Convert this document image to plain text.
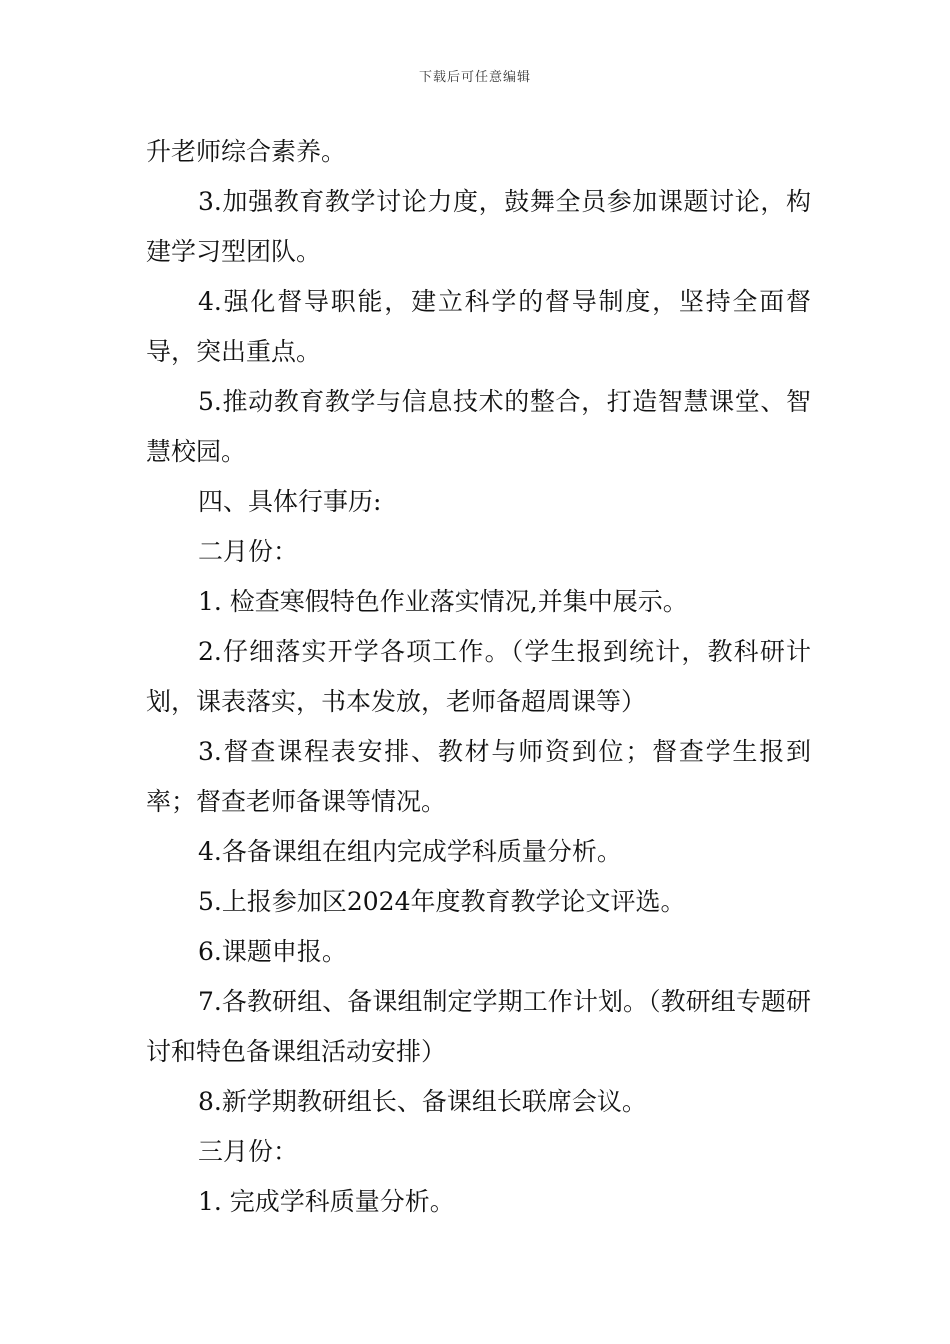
下载后可任意编辑

升老师综合素养。

3.加强教育教学讨论力度，鼓舞全员参加课题讨论，构建学习型团队。

4.强化督导职能，建立科学的督导制度，坚持全面督导，突出重点。

5.推动教育教学与信息技术的整合，打造智慧课堂、智慧校园。

四、具体行事历:

二月份：

1. 检查寒假特色作业落实情况,并集中展示。

2.仔细落实开学各项工作。（学生报到统计，教科研计划，课表落实，书本发放，老师备超周课等）

3.督查课程表安排、教材与师资到位；督查学生报到率；督查老师备课等情况。

4.各备课组在组内完成学科质量分析。

5.上报参加区2024年度教育教学论文评选。

6.课题申报。

7.各教研组、备课组制定学期工作计划。（教研组专题研讨和特色备课组活动安排）

8.新学期教研组长、备课组长联席会议。

三月份：

1. 完成学科质量分析。
